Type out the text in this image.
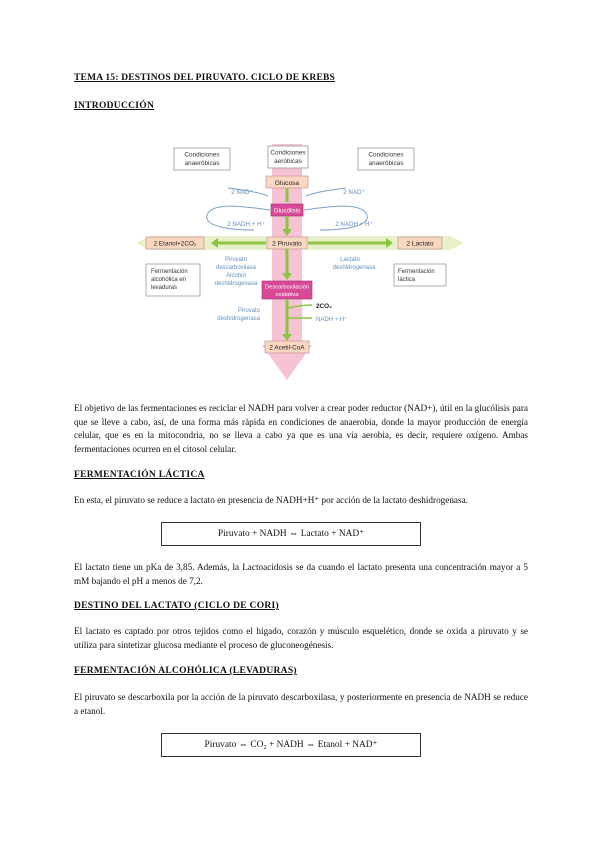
TEMA 15: DESTINOS DEL PIRUVATO. CICLO DE KREBS
INTRODUCCIÓN
Condiciones
anaeróbicas
Condiciones
aeróbicas
Condiciones
anaeróbicas
Glucosa
Glucólisis
2 NAD⁺
2 NADH + H⁺
2 NAD⁺
2 NADH + H⁺
2 Piruvato
2 Etanol+2CO₂	2 Lactato
Piruvato
descarboxilasa
Alcohol
deshidrogenasa
Lactato
deshidrogenasa
Fermentación
alcohólica en
levaduras
Fermentación
láctica
Descarboxilación
oxidativa
2CO₂
NADH + H⁺
Piruvato
deshidrogenasa
2 Acetil-CoA
El objetivo de las fermentaciones es reciclar el NADH para volver a crear poder reductor (NAD+), útil en la glucólisis para que se lleve a cabo, así, de una forma más rápida en condiciones de anaerobia, donde la mayor producción de energía celular, que es en la mitocondria, no se lleva a cabo ya que es una vía aerobia, es decir, requiere oxígeno. Ambas fermentaciones ocurren en el citosol celular.
FERMENTACIÓN LÁCTICA
En esta, el piruvato se reduce a lactato en presencia de NADH+H⁺ por acción de la lactato deshidrogenasa.
Piruvato + NADH ⇔ Lactato + NAD⁺
El lactato tiene un pKa de 3,85. Además, la Lactoacidosis se da cuando el lactato presenta una concentración mayor a 5 mM bajando el pH a menos de 7,2.
DESTINO DEL LACTATO (CICLO DE CORI)
El lactato es captado por otros tejidos como el hígado, corazón y músculo esquelético, donde se oxida a piruvato y se utiliza para sintetizar glucosa mediante el proceso de gluconeogénesis.
FERMENTACIÓN ALCOHÓLICA (LEVADURAS)
El piruvato se descarboxila por la acción de la piruvato descarboxilasa, y posteriormente en presencia de NADH se reduce a etanol.
Piruvato ⇔ CO₂ + NADH ⇔ Etanol + NAD⁺
